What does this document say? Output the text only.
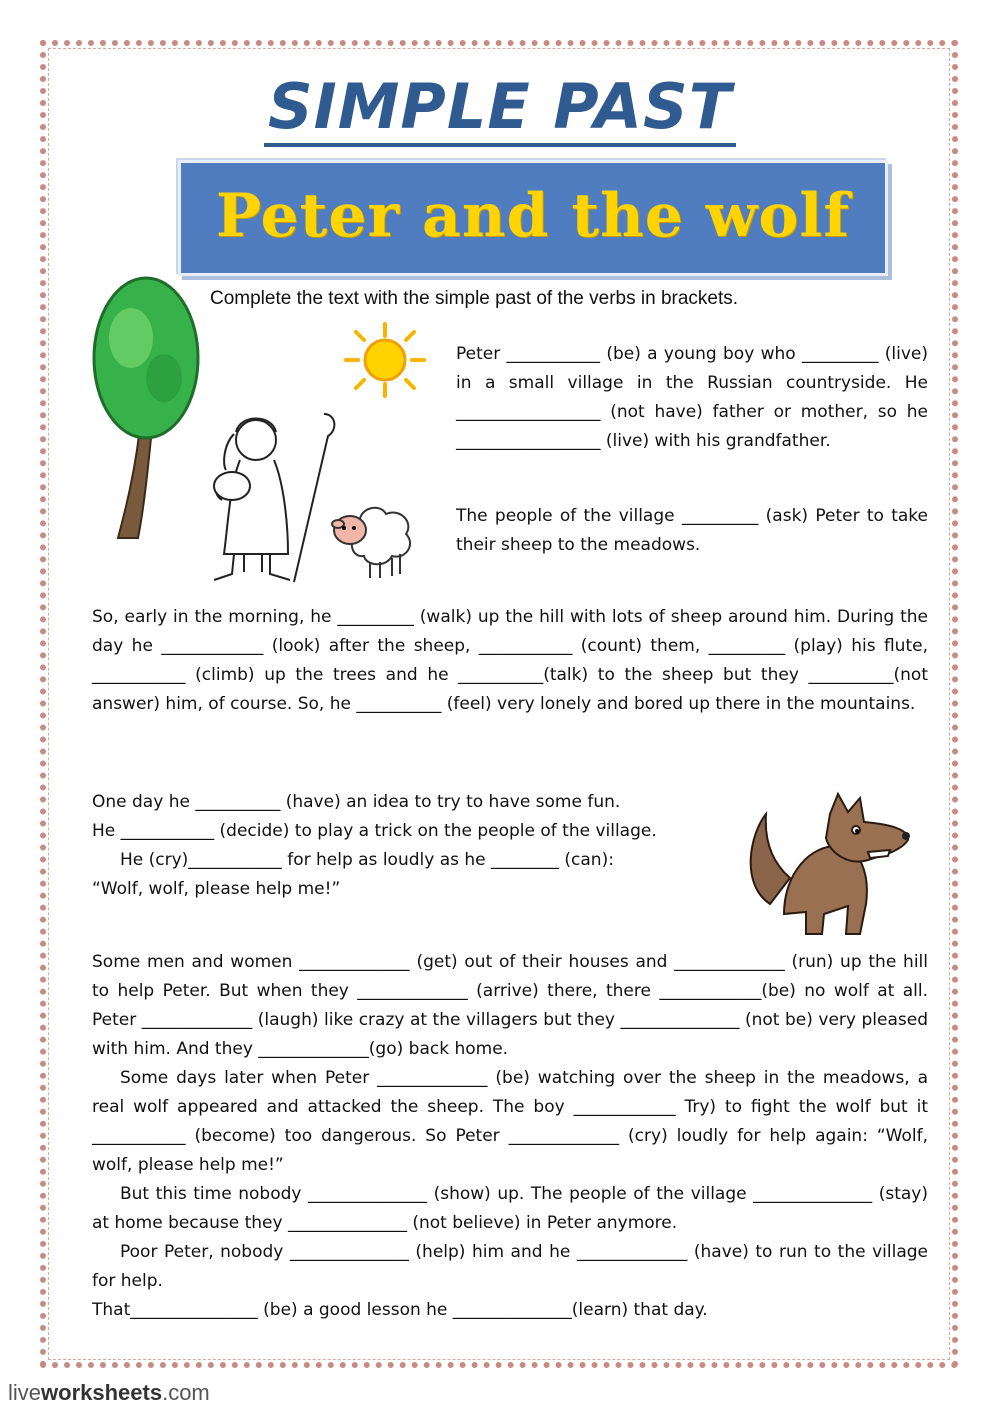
SIMPLE PAST
Peter and the wolf
Complete the text with the simple past of the verbs in brackets.
Peter ___________ (be) a young boy who _________ (live) in a small village in the Russian countryside. He _________________ (not have) father or mother, so he _________________ (live) with his grandfather.
The people of the village _________ (ask) Peter to take their sheep to the meadows.
So, early in the morning, he _________ (walk) up the hill with lots of sheep around him. During the day he ____________ (look) after the sheep, ___________ (count) them, _________ (play) his flute, ___________ (climb) up the trees and he __________(talk) to the sheep but they __________(not answer) him, of course. So, he __________ (feel) very lonely and bored up there in the mountains.
One day he __________ (have) an idea to try to have some fun.
He ___________ (decide) to play a trick on the people of the village.
He (cry)___________ for help as loudly as he ________ (can):
“Wolf, wolf, please help me!”
Some men and women _____________ (get) out of their houses and _____________ (run) up the hill to help Peter. But when they _____________ (arrive) there, there ____________(be) no wolf at all. Peter _____________ (laugh) like crazy at the villagers but they ______________ (not be) very pleased with him. And they _____________(go) back home.
Some days later when Peter _____________ (be) watching over the sheep in the meadows, a real wolf appeared and attacked the sheep. The boy ____________ Try) to fight the wolf but it ___________ (become) too dangerous. So Peter _____________ (cry) loudly for help again: “Wolf, wolf, please help me!”
But this time nobody ______________ (show) up. The people of the village ______________ (stay) at home because they ______________ (not believe) in Peter anymore.
Poor Peter, nobody ______________ (help) him and he _____________ (have) to run to the village for help.
That_______________ (be) a good lesson he ______________(learn) that day.
liveworksheets.com
